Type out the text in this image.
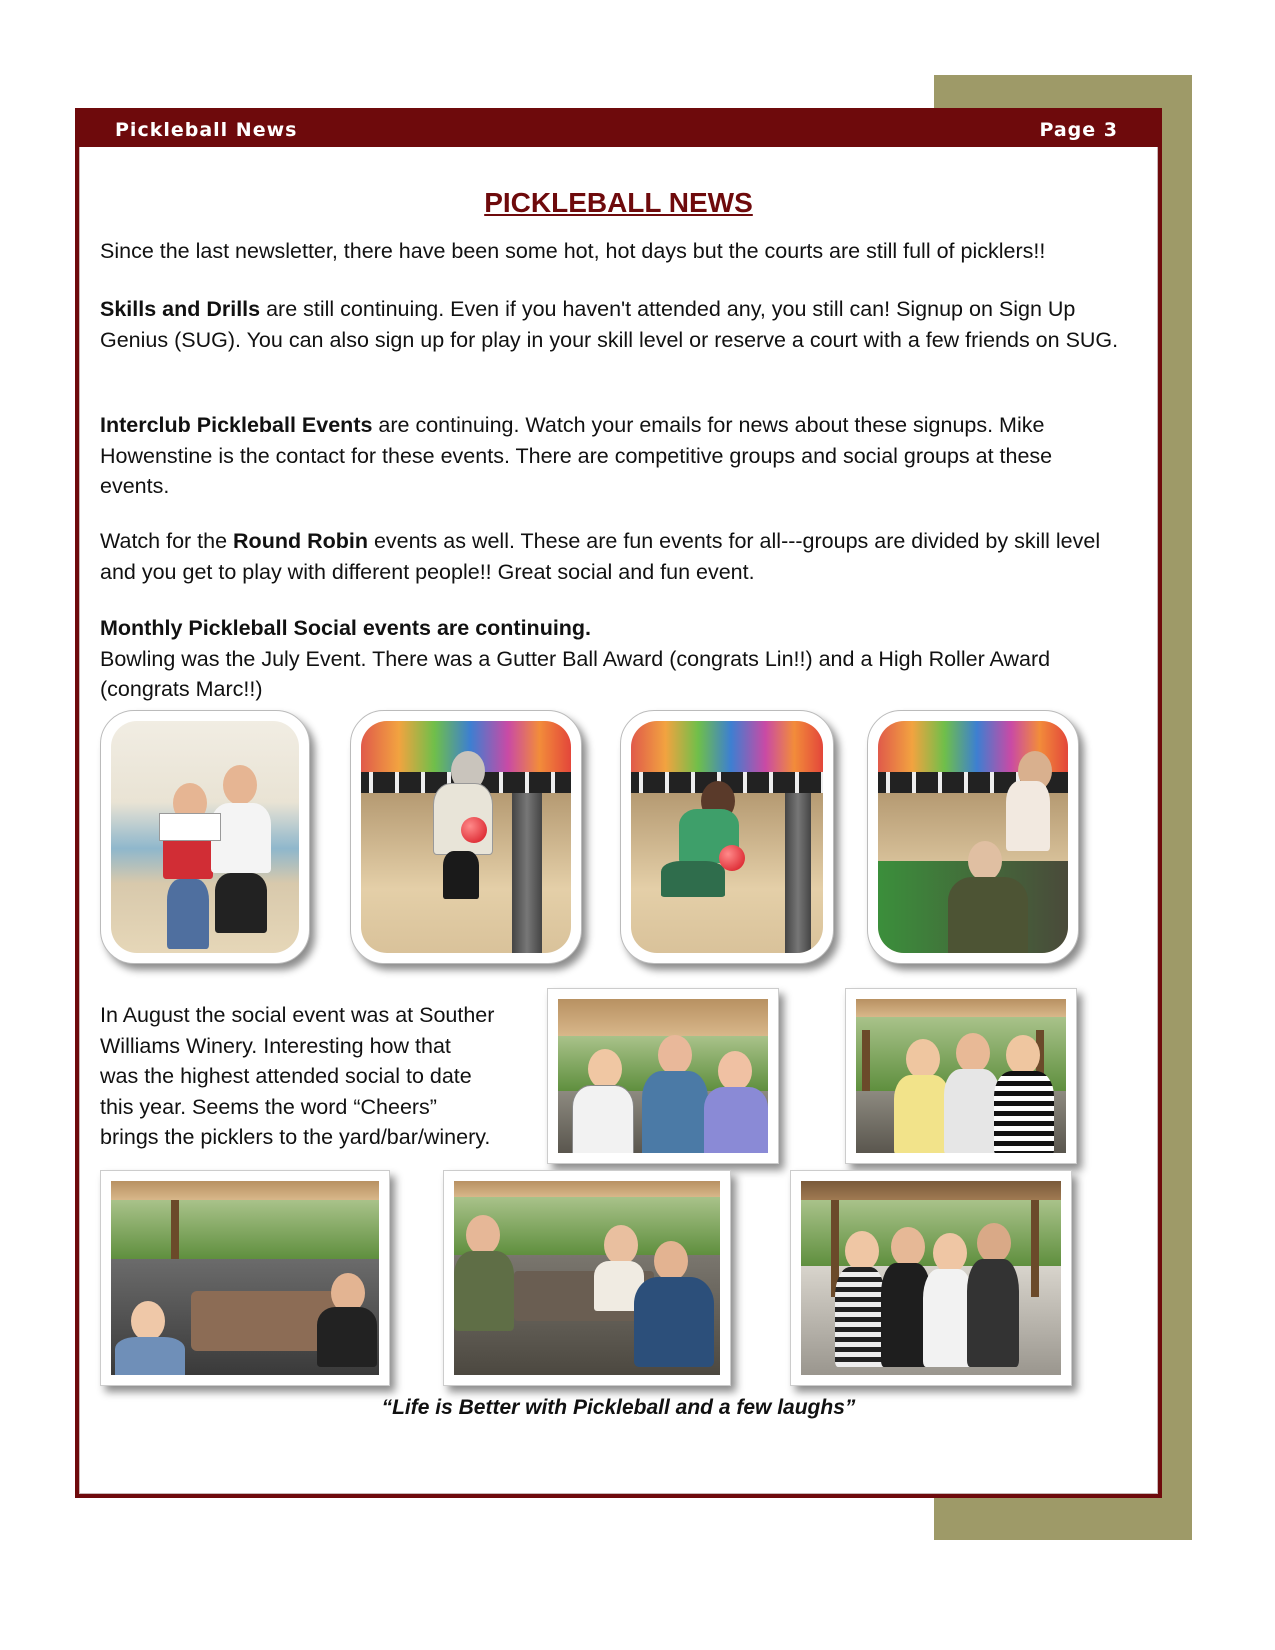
Pickleball News	Page 3
PICKLEBALL NEWS
Since the last newsletter, there have been some hot, hot days but the courts are still full of picklers!!
Skills and Drills are still continuing. Even if you haven't attended any, you still can! Signup on Sign Up Genius (SUG). You can also sign up for play in your skill level or reserve a court with a few friends on SUG.
Interclub Pickleball Events are continuing. Watch your emails for news about these signups. Mike Howenstine is the contact for these events. There are competitive groups and social groups at these events.
Watch for the Round Robin events as well. These are fun events for all---groups are divided by skill level and you get to play with different people!! Great social and fun event.
Monthly Pickleball Social events are continuing.
Bowling was the July Event. There was a Gutter Ball Award (congrats Lin!!) and a High Roller Award (congrats Marc!!)
In August the social event was at Souther
Williams Winery. Interesting how that
was the highest attended social to date
this year. Seems the word “Cheers”
brings the picklers to the yard/bar/winery.
“Life is Better with Pickleball and a few laughs”
